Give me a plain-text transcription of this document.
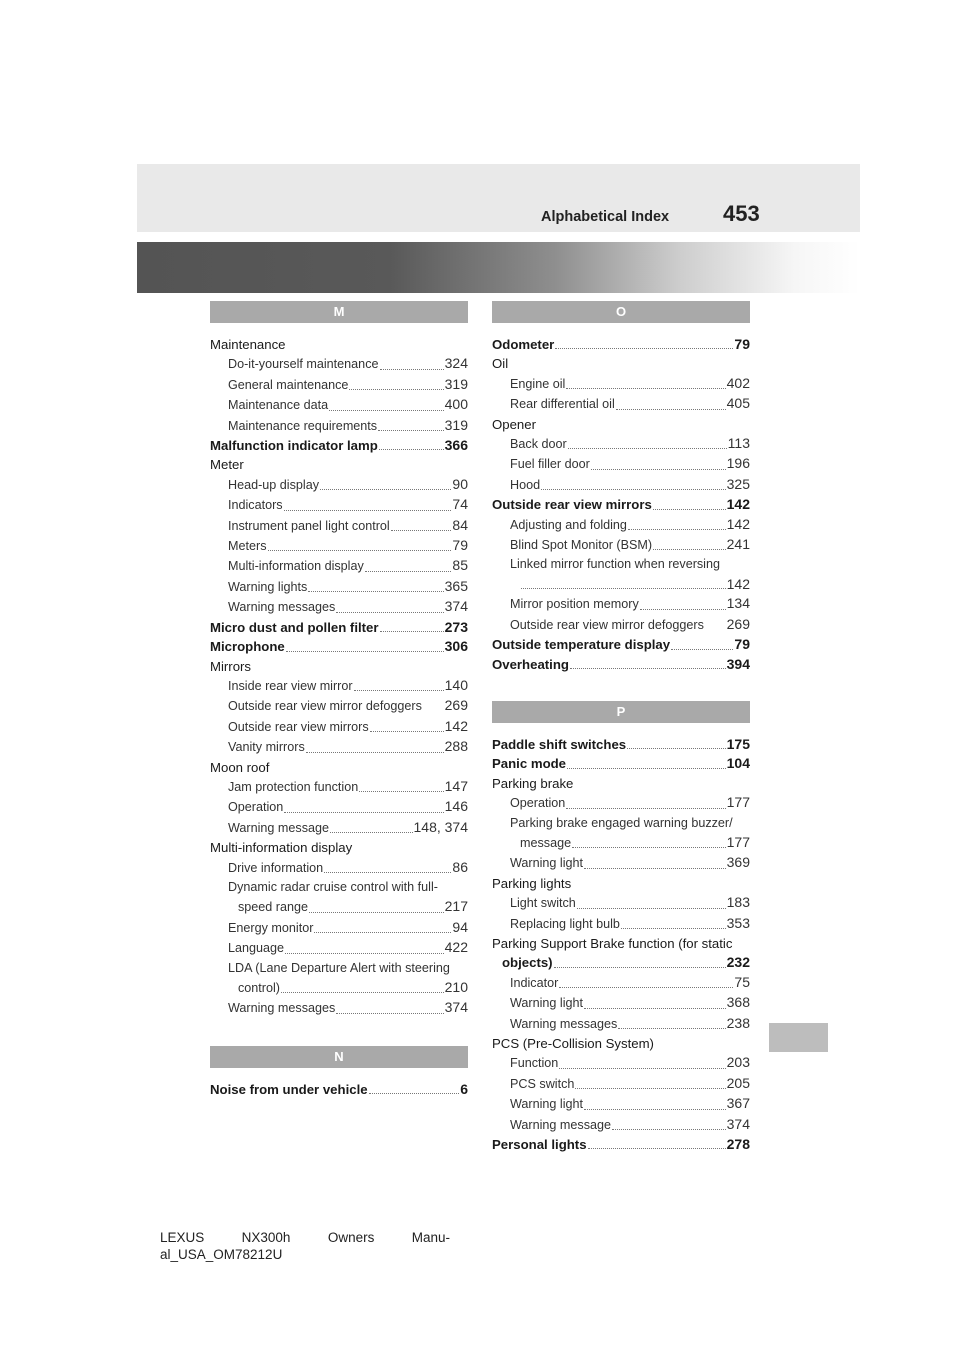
Alphabetical Index 453
M
Maintenance
Do-it-yourself maintenance	324
General maintenance	319
Maintenance data	400
Maintenance requirements	319
Malfunction indicator lamp	366
Meter
Head-up display	90
Indicators	74
Instrument panel light control	84
Meters	79
Multi-information display	85
Warning lights	365
Warning messages	374
Micro dust and pollen filter	273
Microphone	306
Mirrors
Inside rear view mirror	140
Outside rear view mirror defoggers 269
Outside rear view mirrors	142
Vanity mirrors	288
Moon roof
Jam protection function	147
Operation	146
Warning message	148, 374
Multi-information display
Drive information	86
Dynamic radar cruise control with full-
speed range	217
Energy monitor	94
Language	422
LDA (Lane Departure Alert with steering
control)	210
Warning messages	374
N
Noise from under vehicle	6
O
Odometer	79
Oil
Engine oil	402
Rear differential oil	405
Opener
Back door	113
Fuel filler door	196
Hood	325
Outside rear view mirrors	142
Adjusting and folding	142
Blind Spot Monitor (BSM)	241
Linked mirror function when reversing
142
Mirror position memory	134
Outside rear view mirror defoggers 269
Outside temperature display	79
Overheating	394
P
Paddle shift switches	175
Panic mode	104
Parking brake
Operation	177
Parking brake engaged warning buzzer/
message	177
Warning light	369
Parking lights
Light switch	183
Replacing light bulb	353
Parking Support Brake function (for static
objects)	232
Indicator	75
Warning light	368
Warning messages	238
PCS (Pre-Collision System)
Function	203
PCS switch	205
Warning light	367
Warning message	374
Personal lights	278
LEXUS	NX300h	Owners	Manu-
al_USA_OM78212U
